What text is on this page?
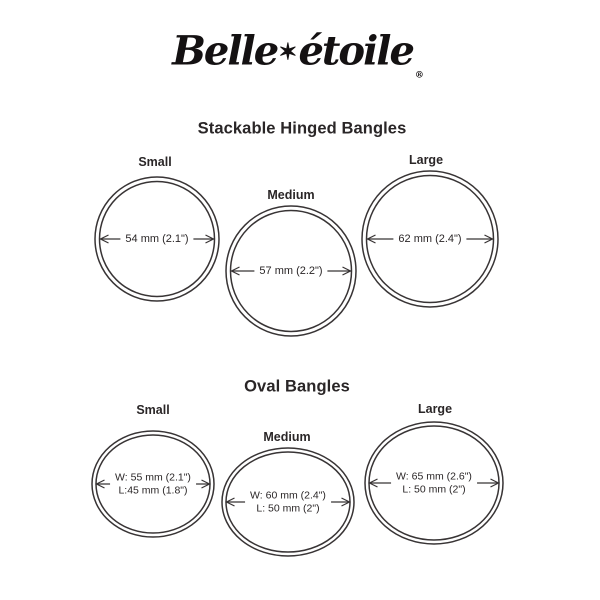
Belle✶étoile$_®$
Stackable Hinged Bangles
Small
Medium
Large
54 mm (2.1")
57 mm (2.2")
62 mm (2.4")
Oval Bangles
Small
Medium
Large
W: 55 mm (2.1")
L:45 mm (1.8")	W: 60 mm (2.4")
L: 50 mm (2")
W: 65 mm (2.6")
L: 50 mm (2")
